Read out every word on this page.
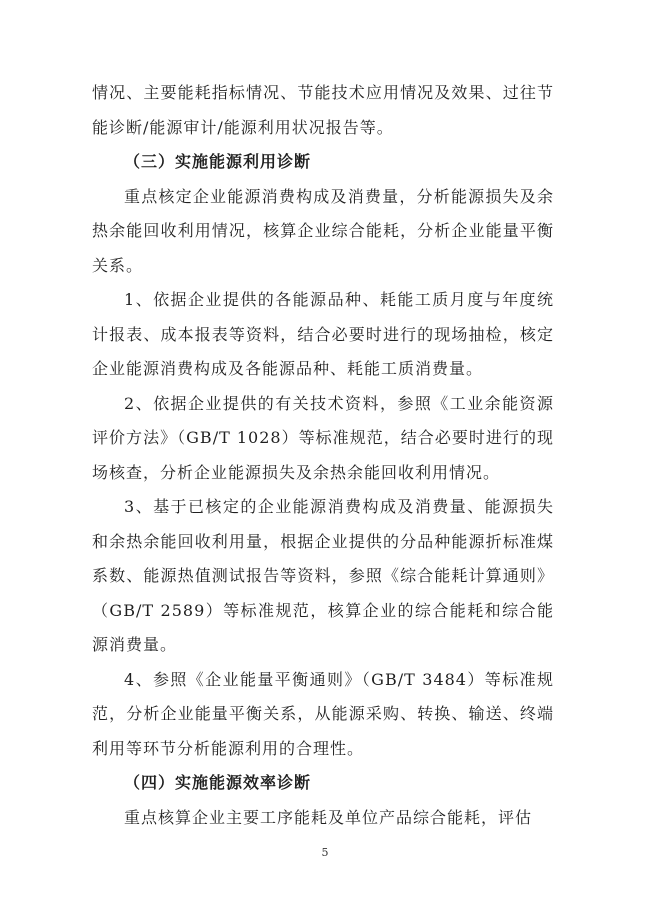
情况、主要能耗指标情况、节能技术应用情况及效果、过往节能诊断/能源审计/能源利用状况报告等。

（三）实施能源利用诊断

重点核定企业能源消费构成及消费量，分析能源损失及余热余能回收利用情况，核算企业综合能耗，分析企业能量平衡关系。

1、依据企业提供的各能源品种、耗能工质月度与年度统计报表、成本报表等资料，结合必要时进行的现场抽检，核定企业能源消费构成及各能源品种、耗能工质消费量。

2、依据企业提供的有关技术资料，参照《工业余能资源评价方法》（GB/T 1028）等标准规范，结合必要时进行的现场核查，分析企业能源损失及余热余能回收利用情况。

3、基于已核定的企业能源消费构成及消费量、能源损失和余热余能回收利用量，根据企业提供的分品种能源折标准煤系数、能源热值测试报告等资料，参照《综合能耗计算通则》（GB/T 2589）等标准规范，核算企业的综合能耗和综合能源消费量。

4、参照《企业能量平衡通则》（GB/T 3484）等标准规范，分析企业能量平衡关系，从能源采购、转换、输送、终端利用等环节分析能源利用的合理性。

（四）实施能源效率诊断

重点核算企业主要工序能耗及单位产品综合能耗，评估

5
